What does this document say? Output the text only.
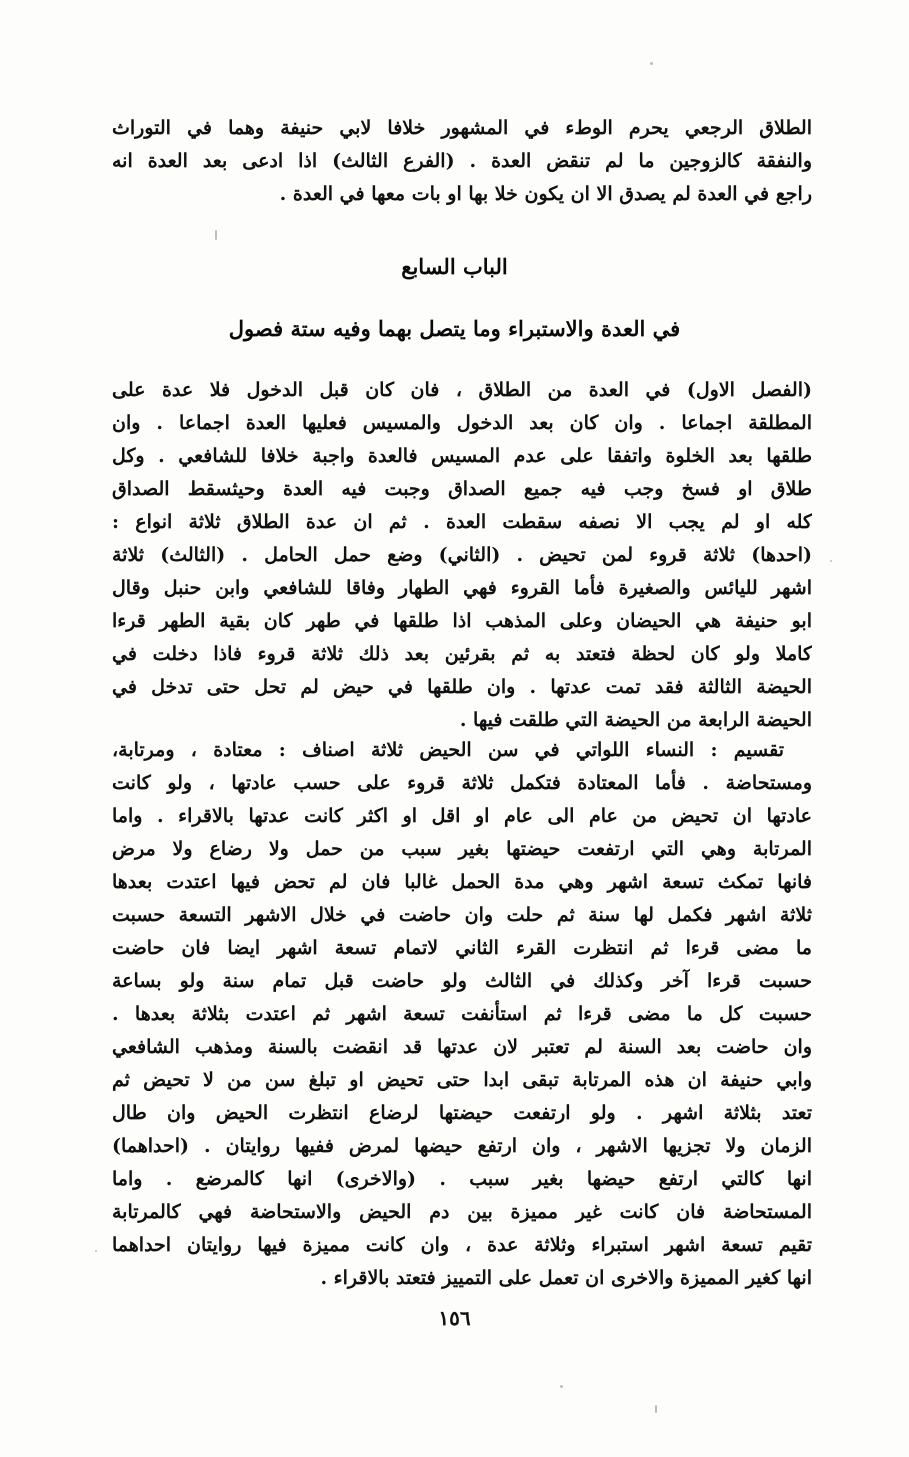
الطلاق الرجعي يحرم الوطء في المشهور خلافا لابي حنيفة وهما في التوراث
والنفقة كالزوجين ما لم تنقض العدة . (الفرع الثالث) اذا ادعى بعد العدة انه
راجع في العدة لم يصدق الا ان يكون خلا بها او بات معها في العدة .
الباب السابع
في العدة والاستبراء وما يتصل بهما وفيه ستة فصول
(الفصل الاول) في العدة من الطلاق ، فان كان قبل الدخول فلا عدة على
المطلقة اجماعا . وان كان بعد الدخول والمسيس فعليها العدة اجماعا . وان
طلقها بعد الخلوة واتفقا على عدم المسيس فالعدة واجبة خلافا للشافعي . وكل
طلاق او فسخ وجب فيه جميع الصداق وجبت فيه العدة وحيثسقط الصداق
كله او لم يجب الا نصفه سقطت العدة . ثم ان عدة الطلاق ثلاثة انواع :
(احدها) ثلاثة قروء لمن تحيض . (الثاني) وضع حمل الحامل . (الثالث) ثلاثة
اشهر لليائس والصغيرة فأما القروء فهي الطهار وفاقا للشافعي وابن حنبل وقال
ابو حنيفة هي الحيضان وعلى المذهب اذا طلقها في طهر كان بقية الطهر قرءا
كاملا ولو كان لحظة فتعتد به ثم بقرئين بعد ذلك ثلاثة قروء فاذا دخلت في
الحيضة الثالثة فقد تمت عدتها . وان طلقها في حيض لم تحل حتى تدخل في
الحيضة الرابعة من الحيضة التي طلقت فيها .
تقسيم : النساء اللواتي في سن الحيض ثلاثة اصناف : معتادة ، ومرتابة،
ومستحاضة . فأما المعتادة فتكمل ثلاثة قروء على حسب عادتها ، ولو كانت
عادتها ان تحيض من عام الى عام او اقل او اكثر كانت عدتها بالاقراء . واما
المرتابة وهي التي ارتفعت حيضتها بغير سبب من حمل ولا رضاع ولا مرض
فانها تمكث تسعة اشهر وهي مدة الحمل غالبا فان لم تحض فيها اعتدت بعدها
ثلاثة اشهر فكمل لها سنة ثم حلت وان حاضت في خلال الاشهر التسعة حسبت
ما مضى قرءا ثم انتظرت القرء الثاني لاتمام تسعة اشهر ايضا فان حاضت
حسبت قرءا آخر وكذلك في الثالث ولو حاضت قبل تمام سنة ولو بساعة
حسبت كل ما مضى قرءا ثم استأنفت تسعة اشهر ثم اعتدت بثلاثة بعدها .
وان حاضت بعد السنة لم تعتبر لان عدتها قد انقضت بالسنة ومذهب الشافعي
وابي حنيفة ان هذه المرتابة تبقى ابدا حتى تحيض او تبلغ سن من لا تحيض ثم
تعتد بثلاثة اشهر . ولو ارتفعت حيضتها لرضاع انتظرت الحيض وان طال
الزمان ولا تجزيها الاشهر ، وان ارتفع حيضها لمرض ففيها روايتان . (احداهما)
انها كالتي ارتفع حيضها بغير سبب . (والاخرى) انها كالمرضع . واما
المستحاضة فان كانت غير مميزة بين دم الحيض والاستحاضة فهي كالمرتابة
تقيم تسعة اشهر استبراء وثلاثة عدة ، وان كانت مميزة فيها روايتان احداهما
انها كغير المميزة والاخرى ان تعمل على التمييز فتعتد بالاقراء .
١٥٦
